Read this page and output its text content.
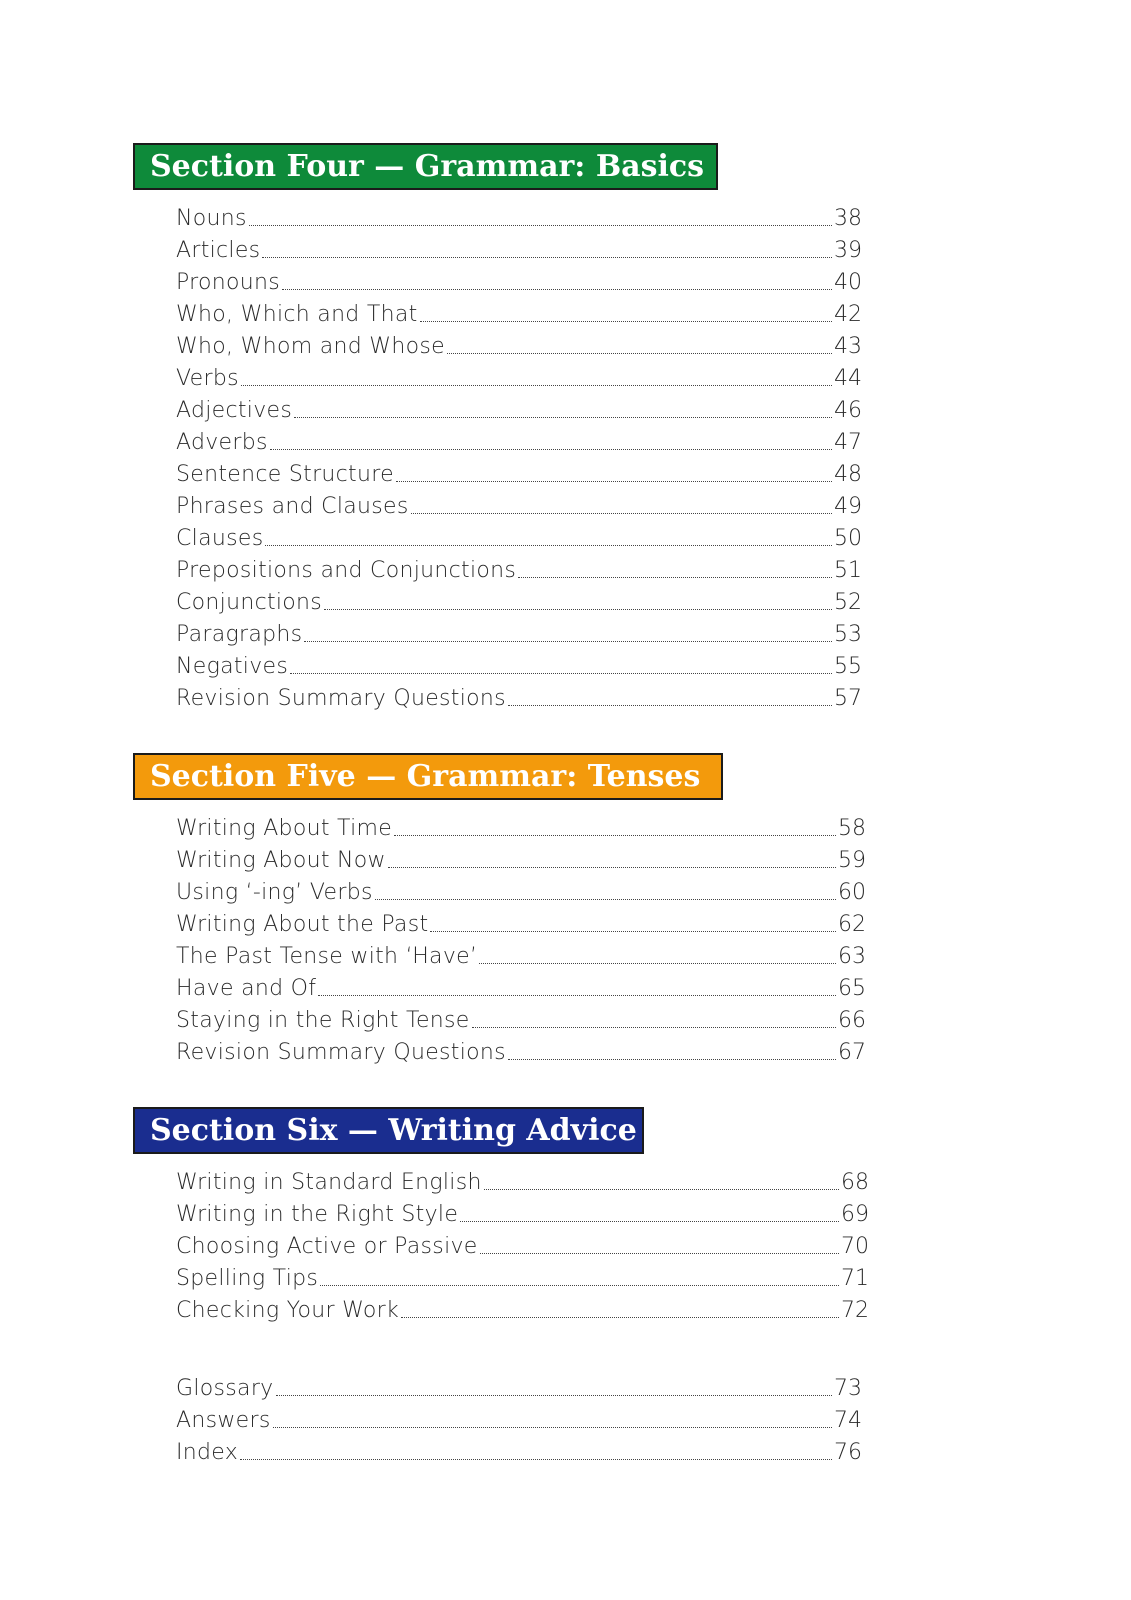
Section Four — Grammar: Basics
Nouns	38
Articles	39
Pronouns	40
Who, Which and That	42
Who, Whom and Whose	43
Verbs	44
Adjectives	46
Adverbs	47
Sentence Structure	48
Phrases and Clauses	49
Clauses	50
Prepositions and Conjunctions	51
Conjunctions	52
Paragraphs	53
Negatives	55
Revision Summary Questions	57
Section Five — Grammar: Tenses
Writing About Time	58
Writing About Now	59
Using ‘-ing’ Verbs	60
Writing About the Past	62
The Past Tense with ‘Have’	63
Have and Of	65
Staying in the Right Tense	66
Revision Summary Questions	67
Section Six — Writing Advice
Writing in Standard English	68
Writing in the Right Style	69
Choosing Active or Passive	70
Spelling Tips	71
Checking Your Work	72
Glossary	73
Answers	74
Index	76
